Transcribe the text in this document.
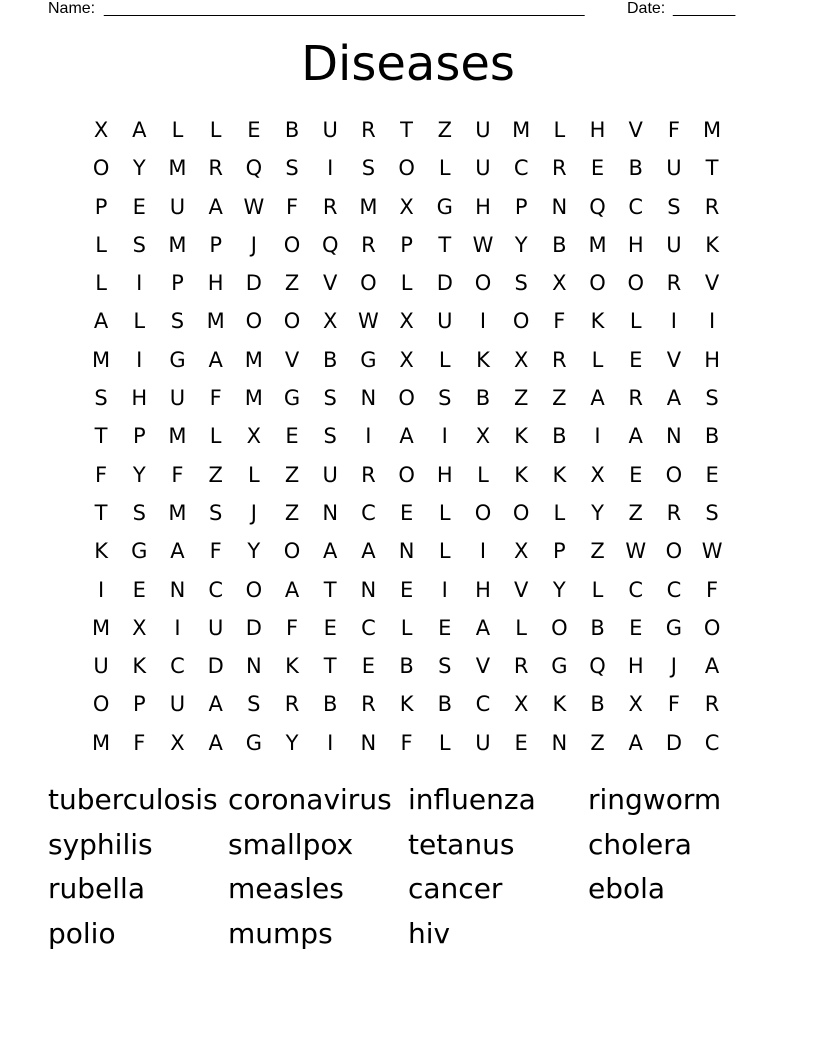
Name: ______________________________________________________	Date: _______
Diseases
X	A	L	L	E	B	U	R	T	Z	U	M	L	H	V	F	M
O	Y	M	R	Q	S	I	S	O	L	U	C	R	E	B	U	T
P	E	U	A W	F	R	M	X	G	H	P	N	Q	C	S	R
L	S	M	P	J	O	Q	R	P	T	W	Y	B	M	H	U	K
L	I	P	H	D	Z	V	O	L	D	O	S	X	O	O	R	V
A	L	S	M O	O	X W X	U	I	O	F	K	L	I	I
M	I	G	A	M	V	B	G	X	L	K	X	R	L	E	V	H
S	H	U	F	M G	S	N	O	S	B	Z	Z	A	R	A	S
T	P	M	L	X	E	S	I	A	I	X	K	B	I	A	N	B
F	Y	F	Z	L	Z	U	R	O	H	L	K	K	X	E	O	E
T	S	M	S	J	Z	N	C	E	L	O	O	L	Y	Z	R	S
K	G	A	F	Y	O	A	A	N	L	I	X	P	Z W O W
I	E	N	C	O	A	T	N	E	I	H	V	Y	L	C	C	F
M	X	I	U	D	F	E	C	L	E	A	L	O	B	E	G	O
U	K	C	D	N	K	T	E	B	S	V	R	G	Q	H	J	A
O	P	U	A	S	R	B	R	K	B	C	X	K	B	X	F	R
M	F	X	A	G	Y	I	N	F	L	U	E	N	Z	A	D	C
tuberculosis coronavirus influenza	ringworm
syphilis	smallpox	tetanus	cholera
rubella	measles	cancer	ebola
polio	mumps	hiv
